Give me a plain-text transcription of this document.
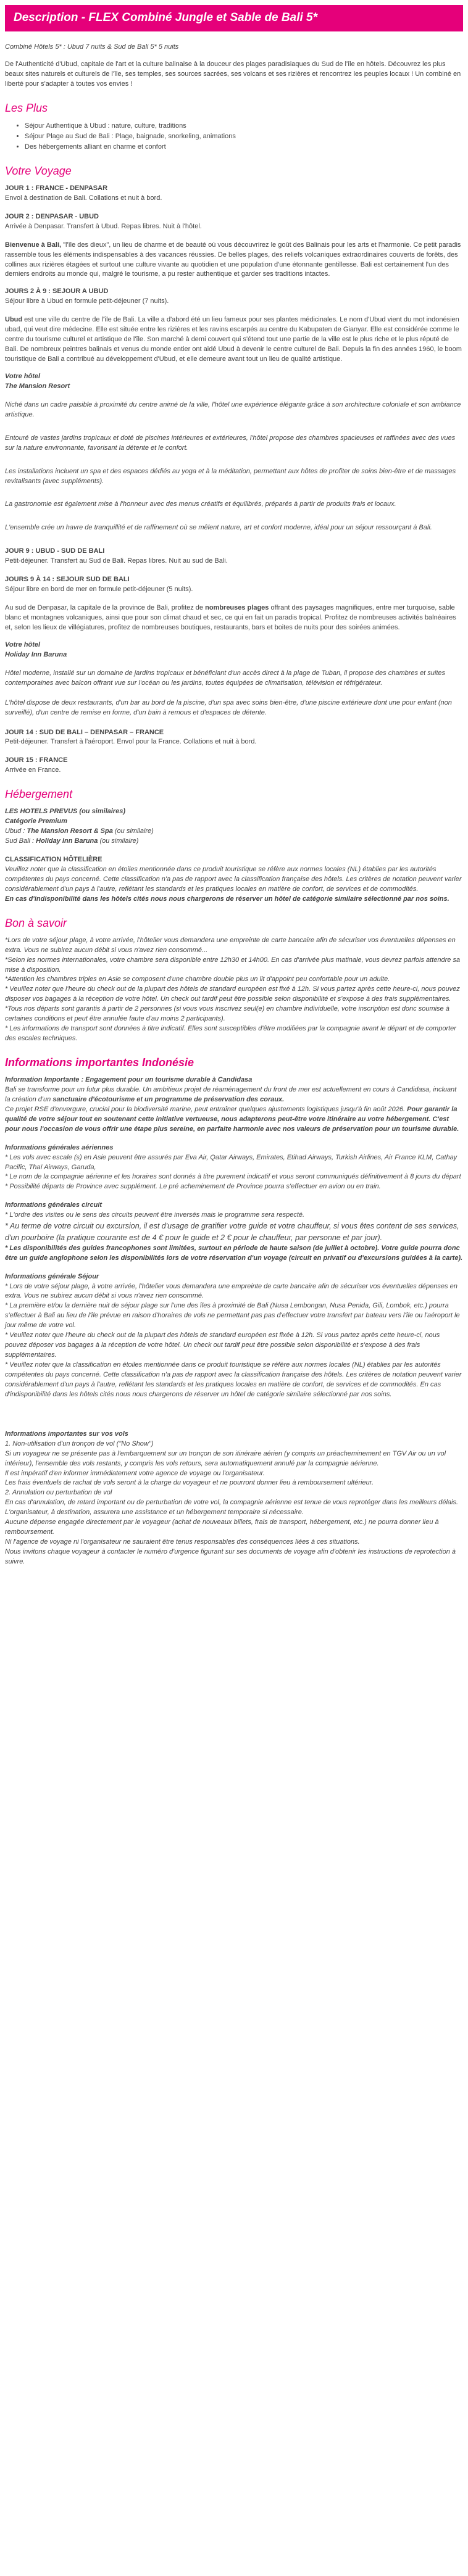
Description - FLEX Combiné Jungle et Sable de Bali 5*

Combiné Hôtels 5* : Ubud 7 nuits & Sud de Bali 5* 5 nuits

De l'Authenticité d'Ubud, capitale de l'art et la culture balinaise à la douceur des plages paradisiaques du Sud de l'île en hôtels. Découvrez les plus beaux sites naturels et culturels de l'île, ses temples, ses sources sacrées, ses volcans et ses rizières et rencontrez les peuples locaux ! Un combiné en liberté pour s'adapter à toutes vos envies !

Les Plus
• Séjour Authentique à Ubud : nature, culture, traditions
• Séjour Plage au Sud de Bali : Plage, baignade, snorkeling, animations
• Des hébergements alliant en charme et confort
Votre Voyage

JOUR 1 : FRANCE - DENPASAR

Envol à destination de Bali. Collations et nuit à bord.

JOUR 2 : DENPASAR - UBUD

Arrivée à Denpasar. Transfert à Ubud. Repas libres. Nuit à l'hôtel.

Bienvenue à Bali, "l'île des dieux", un lieu de charme et de beauté où vous découvrirez le goût des Balinais pour les arts et l'harmonie. Ce petit paradis rassemble tous les éléments indispensables à des vacances réussies. De belles plages, des reliefs volcaniques extraordinaires couverts de forêts, des collines aux rizières étagées et surtout une culture vivante au quotidien et une population d'une étonnante gentillesse. Bali est certainement l'un des derniers endroits au monde qui, malgré le tourisme, a pu rester authentique et garder ses traditions intactes.

JOURS 2 À 9 : SEJOUR A UBUD

Séjour libre à Ubud en formule petit-déjeuner (7 nuits).

Ubud est une ville du centre de l'île de Bali. La ville a d'abord été un lieu fameux pour ses plantes médicinales. Le nom d'Ubud vient du mot indonésien ubad, qui veut dire médecine. Elle est située entre les rizières et les ravins escarpés au centre du Kabupaten de Gianyar. Elle est considérée comme le centre du tourisme culturel et artistique de l'île. Son marché à demi couvert qui s'étend tout une partie de la ville est le plus riche et le plus réputé de Bali. De nombreux peintres balinais et venus du monde entier ont aidé Ubud à devenir le centre culturel de Bali. Depuis la fin des années 1960, le boom touristique de Bali a contribué au développement d'Ubud, et elle demeure avant tout un lieu de qualité artistique.

Votre hôtel

The Mansion Resort

Niché dans un cadre paisible à proximité du centre animé de la ville, l'hôtel une expérience élégante grâce à son architecture coloniale et son ambiance artistique.

Entouré de vastes jardins tropicaux et doté de piscines intérieures et extérieures, l'hôtel propose des chambres spacieuses et raffinées avec des vues sur la nature environnante, favorisant la détente et le confort.

Les installations incluent un spa et des espaces dédiés au yoga et à la méditation, permettant aux hôtes de profiter de soins bien-être et de massages revitalisants (avec suppléments).

La gastronomie est également mise à l'honneur avec des menus créatifs et équilibrés, préparés à partir de produits frais et locaux.

L'ensemble crée un havre de tranquillité et de raffinement où se mêlent nature, art et confort moderne, idéal pour un séjour ressourçant à Bali.

JOUR 9 : UBUD - SUD DE BALI

Petit-déjeuner. Transfert au Sud de Bali. Repas libres. Nuit au sud de Bali.

JOURS 9 À 14 : SEJOUR SUD DE BALI

Séjour libre en bord de mer en formule petit-déjeuner (5 nuits).

Au sud de Denpasar, la capitale de la province de Bali, profitez de nombreuses plages offrant des paysages magnifiques, entre mer turquoise, sable blanc et montagnes volcaniques, ainsi que pour son climat chaud et sec, ce qui en fait un paradis tropical. Profitez de nombreuses activités balnéaires et, selon les lieux de villégiatures, profitez de nombreuses boutiques, restaurants, bars et boites de nuits pour des soirées animées.

Votre hôtel

Holiday Inn Baruna

Hôtel moderne, installé sur un domaine de jardins tropicaux et bénéficiant d'un accès direct à la plage de Tuban, il propose des chambres et suites contemporaines avec balcon offrant vue sur l'océan ou les jardins, toutes équipées de climatisation, télévision et réfrigérateur.

L'hôtel dispose de deux restaurants, d'un bar au bord de la piscine, d'un spa avec soins bien-être, d'une piscine extérieure dont une pour enfant (non surveillé), d'un centre de remise en forme, d'un bain à remous et d'espaces de détente.

JOUR 14 : SUD DE BALI – DENPASAR – FRANCE

Petit-déjeuner. Transfert à l'aéroport. Envol pour la France. Collations et nuit à bord.

JOUR 15 : FRANCE

Arrivée en France.

Hébergement

LES HOTELS PREVUS (ou similaires)

Catégorie Premium

Ubud : The Mansion Resort & Spa (ou similaire)

Sud Bali : Holiday Inn Baruna (ou similaire)

CLASSIFICATION HÔTELIÈRE

Veuillez noter que la classification en étoiles mentionnée dans ce produit touristique se réfère aux normes locales (NL) établies par les autorités compétentes du pays concerné. Cette classification n'a pas de rapport avec la classification française des hôtels. Les critères de notation peuvent varier considérablement d'un pays à l'autre, reflétant les standards et les pratiques locales en matière de confort, de services et de commodités.

En cas d'indisponibilité dans les hôtels cités nous nous chargerons de réserver un hôtel de catégorie similaire sélectionné par nos soins.

Bon à savoir

*Lors de votre séjour plage, à votre arrivée, l'hôtelier vous demandera une empreinte de carte bancaire afin de sécuriser vos éventuelles dépenses en extra. Vous ne subirez aucun débit si vous n'avez rien consommé...

*Selon les normes internationales, votre chambre sera disponible entre 12h30 et 14h00. En cas d'arrivée plus matinale, vous devrez parfois attendre sa mise à disposition.

*Attention les chambres triples en Asie se composent d'une chambre double plus un lit d'appoint peu confortable pour un adulte.

* Veuillez noter que l'heure du check out de la plupart des hôtels de standard européen est fixé à 12h. Si vous partez après cette heure-ci, nous pouvez disposer vos bagages à la réception de votre hôtel. Un check out tardif peut être possible selon disponibilité et s'expose à des frais supplémentaires.

*Tous nos départs sont garantis à partir de 2 personnes (si vous vous inscrivez seul(e) en chambre individuelle, votre inscription est donc soumise à certaines conditions et peut être annulée faute d'au moins 2 participants).

* Les informations de transport sont données à titre indicatif. Elles sont susceptibles d'être modifiées par la compagnie avant le départ et de comporter des escales techniques.

Informations importantes Indonésie

Information Importante : Engagement pour un tourisme durable à Candidasa

Bali se transforme pour un futur plus durable. Un ambitieux projet de réaménagement du front de mer est actuellement en cours à Candidasa, incluant la création d'un sanctuaire d'écotourisme et un programme de préservation des coraux.

Ce projet RSE d'envergure, crucial pour la biodiversité marine, peut entraîner quelques ajustements logistiques jusqu'à fin août 2026. Pour garantir la qualité de votre séjour tout en soutenant cette initiative vertueuse, nous adapterons peut-être votre itinéraire au votre hébergement. C'est pour nous l'occasion de vous offrir une étape plus sereine, en parfaite harmonie avec nos valeurs de préservation pour un tourisme durable.

Informations générales aériennes

* Les vols avec escale (s) en Asie peuvent être assurés par Eva Air, Qatar Airways, Emirates, Etihad Airways, Turkish Airlines, Air France KLM, Cathay Pacific, Thaï Airways, Garuda,

* Le nom de la compagnie aérienne et les horaires sont donnés à titre purement indicatif et vous seront communiqués définitivement à 8 jours du départ

* Possibilité départs de Province avec supplément. Le pré acheminement de Province pourra s'effectuer en avion ou en train.

Informations générales circuit

* L'ordre des visites ou le sens des circuits peuvent être inversés mais le programme sera respecté.

* Au terme de votre circuit ou excursion, il est d'usage de gratifier votre guide et votre chauffeur, si vous êtes content de ses services, d'un pourboire (la pratique courante est de 4 € pour le guide et 2 € pour le chauffeur, par personne et par jour).

* Les disponibilités des guides francophones sont limitées, surtout en période de haute saison (de juillet à octobre). Votre guide pourra donc être un guide anglophone selon les disponibilités lors de votre réservation d'un voyage (circuit en privatif ou d'excursions guidées à la carte).

Informations générale Séjour

* Lors de votre séjour plage, à votre arrivée, l'hôtelier vous demandera une empreinte de carte bancaire afin de sécuriser vos éventuelles dépenses en extra. Vous ne subirez aucun débit si vous n'avez rien consommé.

* La première et/ou la dernière nuit de séjour plage sur l'une des îles à proximité de Bali (Nusa Lembongan, Nusa Penida, Gili, Lombok, etc.) pourra s'effectuer à Bali au lieu de l'île prévue en raison d'horaires de vols ne permettant pas pas d'effectuer votre transfert par bateau vers l'île ou l'aéroport le jour même de votre vol.

* Veuillez noter que l'heure du check out de la plupart des hôtels de standard européen est fixée à 12h. Si vous partez après cette heure-ci, nous pouvez déposer vos bagages à la réception de votre hôtel. Un check out tardif peut être possible selon disponibilité et s'expose à des frais supplémentaires.

* Veuillez noter que la classification en étoiles mentionnée dans ce produit touristique se réfère aux normes locales (NL) établies par les autorités compétentes du pays concerné. Cette classification n'a pas de rapport avec la classification française des hôtels. Les critères de notation peuvent varier considérablement d'un pays à l'autre, reflétant les standards et les pratiques locales en matière de confort, de services et de commodités. En cas d'indisponibilité dans les hôtels cités nous nous chargerons de réserver un hôtel de catégorie similaire sélectionné par nos soins.

Informations importantes sur vos vols

1. Non-utilisation d'un tronçon de vol ("No Show")

Si un voyageur ne se présente pas à l'embarquement sur un tronçon de son itinéraire aérien (y compris un préacheminement en TGV Air ou un vol intérieur), l'ensemble des vols restants, y compris les vols retours, sera automatiquement annulé par la compagnie aérienne.

Il est impératif d'en informer immédiatement votre agence de voyage ou l'organisateur.

Les frais éventuels de rachat de vols seront à la charge du voyageur et ne pourront donner lieu à remboursement ultérieur.

2. Annulation ou perturbation de vol

En cas d'annulation, de retard important ou de perturbation de votre vol, la compagnie aérienne est tenue de vous reprotéger dans les meilleurs délais.

L'organisateur, à destination, assurera une assistance et un hébergement temporaire si nécessaire.

Aucune dépense engagée directement par le voyageur (achat de nouveaux billets, frais de transport, hébergement, etc.) ne pourra donner lieu à remboursement.

Ni l'agence de voyage ni l'organisateur ne sauraient être tenus responsables des conséquences liées à ces situations.

Nous invitons chaque voyageur à contacter le numéro d'urgence figurant sur ses documents de voyage afin d'obtenir les instructions de reprotection à suivre.
